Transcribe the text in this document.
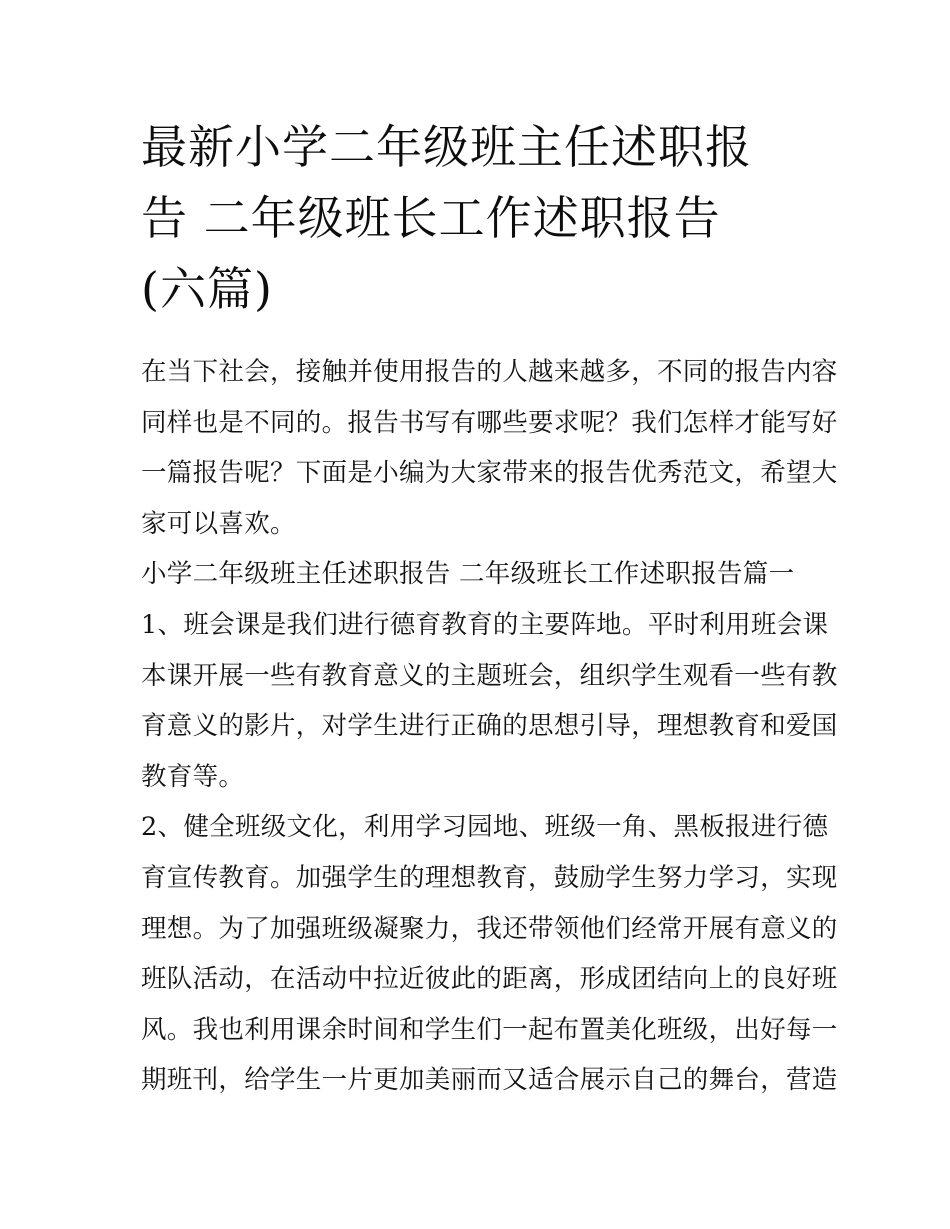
最新小学二年级班主任述职报
告 二年级班长工作述职报告
(六篇)
在当下社会，接触并使用报告的人越来越多，不同的报告内容
同样也是不同的。报告书写有哪些要求呢？我们怎样才能写好
一篇报告呢？下面是小编为大家带来的报告优秀范文，希望大
家可以喜欢。
小学二年级班主任述职报告 二年级班长工作述职报告篇一
1、班会课是我们进行德育教育的主要阵地。平时利用班会课
本课开展一些有教育意义的主题班会，组织学生观看一些有教
育意义的影片，对学生进行正确的思想引导，理想教育和爱国
教育等。
2、健全班级文化，利用学习园地、班级一角、黑板报进行德
育宣传教育。加强学生的理想教育，鼓励学生努力学习，实现
理想。为了加强班级凝聚力，我还带领他们经常开展有意义的
班队活动，在活动中拉近彼此的距离，形成团结向上的良好班
风。我也利用课余时间和学生们一起布置美化班级，出好每一
期班刊，给学生一片更加美丽而又适合展示自己的舞台，营造
